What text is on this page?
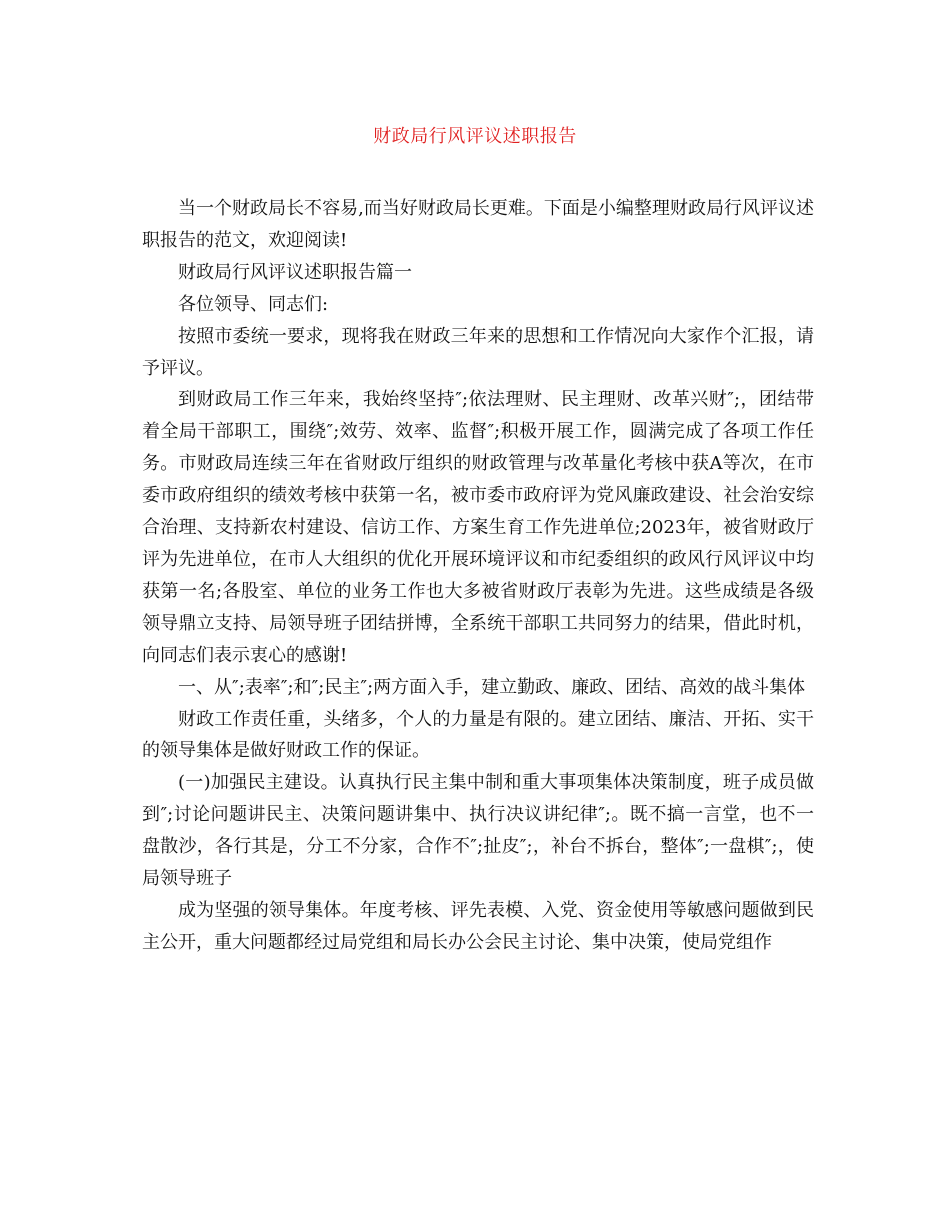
财政局行风评议述职报告

当一个财政局长不容易,而当好财政局长更难。下面是小编整理财政局行风评议述职报告的范文，欢迎阅读!

财政局行风评议述职报告篇一

各位领导、同志们:

按照市委统一要求，现将我在财政三年来的思想和工作情况向大家作个汇报，请予评议。

到财政局工作三年来，我始终坚持″;依法理财、民主理财、改革兴财″;，团结带着全局干部职工，围绕″;效劳、效率、监督″;积极开展工作，圆满完成了各项工作任务。市财政局连续三年在省财政厅组织的财政管理与改革量化考核中获A等次，在市委市政府组织的绩效考核中获第一名，被市委市政府评为党风廉政建设、社会治安综合治理、支持新农村建设、信访工作、方案生育工作先进单位;2023年，被省财政厅评为先进单位，在市人大组织的优化开展环境评议和市纪委组织的政风行风评议中均获第一名;各股室、单位的业务工作也大多被省财政厅表彰为先进。这些成绩是各级领导鼎立支持、局领导班子团结拼博，全系统干部职工共同努力的结果，借此时机，向同志们表示衷心的感谢!

一、从″;表率″;和″;民主″;两方面入手，建立勤政、廉政、团结、高效的战斗集体

财政工作责任重，头绪多，个人的力量是有限的。建立团结、廉洁、开拓、实干的领导集体是做好财政工作的保证。

(一)加强民主建设。认真执行民主集中制和重大事项集体决策制度，班子成员做到″;讨论问题讲民主、决策问题讲集中、执行决议讲纪律″;。既不搞一言堂，也不一盘散沙，各行其是，分工不分家，合作不″;扯皮″;，补台不拆台，整体″;一盘棋″;，使局领导班子

成为坚强的领导集体。年度考核、评先表模、入党、资金使用等敏感问题做到民主公开，重大问题都经过局党组和局长办公会民主讨论、集中决策，使局党组作
